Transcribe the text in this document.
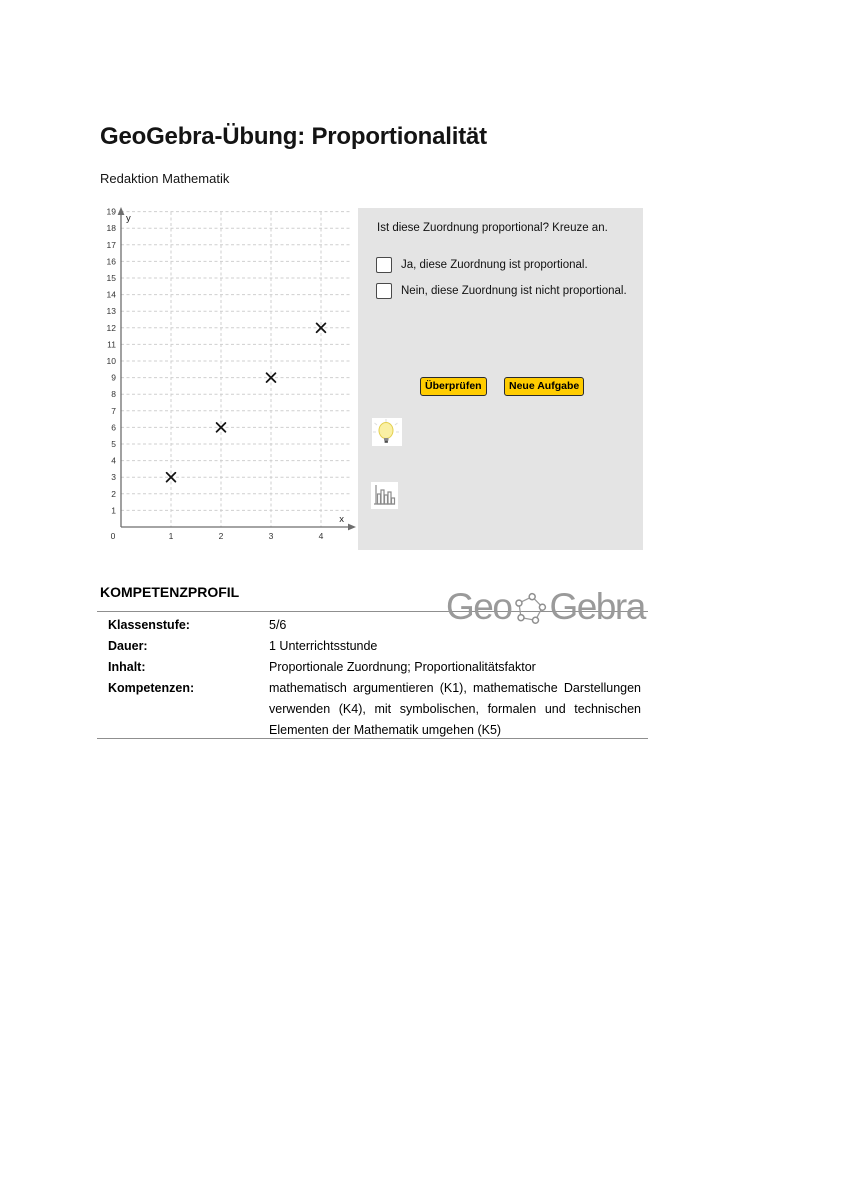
GeoGebra-Übung: Proportionalität
Redaktion Mathematik
0	1	2	3	4
1
2
3
4
5
6
7
8
9
10
11
12
13
14
15
16
17
18
19
y
x
Ist diese Zuordnung proportional? Kreuze an.
Ja, diese Zuordnung ist proportional.
Nein, diese Zuordnung ist nicht proportional.
Überprüfen	Neue Aufgabe
KOMPETENZPROFIL	Geo Gebra
Klassenstufe:	5/6
Dauer:	1 Unterrichtsstunde
Inhalt:	Proportionale Zuordnung; Proportionalitätsfaktor
Kompetenzen:	mathematisch argumentieren (K1), mathematische Darstellungen verwenden (K4), mit symbolischen, formalen und technischen Elementen der Mathematik umgehen (K5)
